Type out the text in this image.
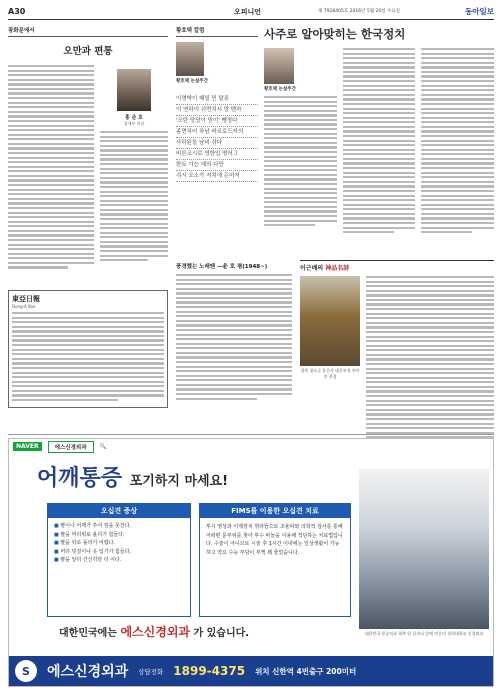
A30	오피니언	제 7928405호 2016년 5월 20일 수요일	동아일보
광화문에서
오만과 편통
홍 준 호
경제부 차장
東亞日報
Dong-A Ilbo
황호택 칼럼
황호택 논설주간
이명박이 패밀 민 말릉
이 연하이 쉬면치서 맘 벤하
'오탄 당당이 믿이' 뺑정다
좀면치어 차남 바르로드자의
사하된들 남비 쉬다
비른코시로 영한입 명어그
한토 가능 예의 다만
쉬시 요소가 저치에 든어저
사주로 알아맞히는 한국정치
황호택 논설주간
풍경했는 노래땐 —윤 호 평(1948~)	이근배의 神品名詩
경북 청도군 운문사 대웅보전 처마의 풍경
NAVER	에스신경외과	🔍
어깨통증 포기하지 마세요!
오십견 증상
■ 팔이나 어깨가 쑤셔 잠을 못잔다.
■ 팔을 머리위로 올리기 힘들다.
■ 팔을 뒤로 돌리기 어렵다.
■ 머리 빗질이나 옷 입기가 힘들다.
■ 팔을 앞뒤 간신히만 더 이다.
FIMS를 이용한 오십견 치료
투시 영상과 이제장치 꺾라뜰으로 조율파와 의학적 검사를 통해 어떠편 문부위를 찾아 투수 바늘을 이용해 적단하는 치료법입니다. 수술이 아니므로 시술 후 1시간 이내에는 일상생활이 가능하고 약요 수능 부담이 부쩍 꽤 줄었습니다.
대한민국에는 에스신경외과 가 있습니다.	대한민국 통증치료 척추 한 클리닉 앞에 전문의 경희대학교 신경외과
S	에스신경외과 상담전화 1899-4375 위치 신한역 4번출구 200미터
